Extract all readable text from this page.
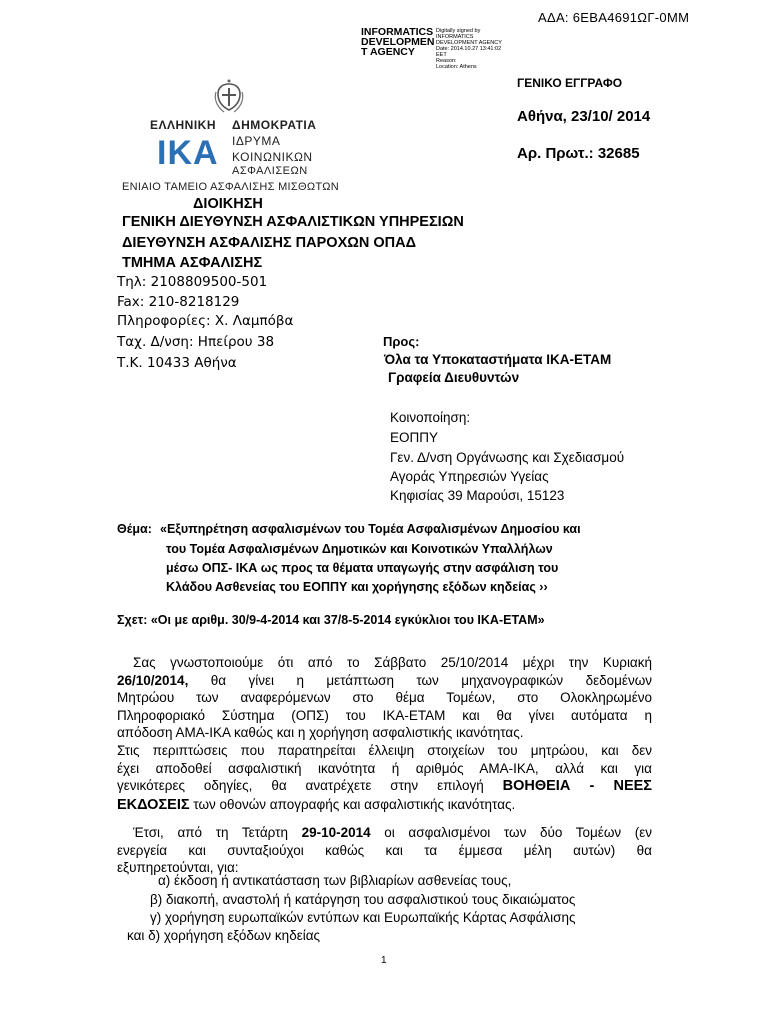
ΑΔΑ: 6ΕΒΑ4691ΩΓ-0ΜΜ
INFORMATICS
DEVELOPMEN
T AGENCY
Digitally signed by
INFORMATICS
DEVELOPMENT AGENCY
Date: 2014.10.27 13:41:02
EET
Reason:
Location: Athens
ΕΛΛΗΝΙΚΗ ΔΗΜΟΚΡΑΤΙΑ
ΙΔΡΥΜΑ
ΚΟΙΝΩΝΙΚΩΝ
ΑΣΦΑΛΙΣΕΩΝ
ΙΚΑ
ΕΝΙΑΙΟ ΤΑΜΕΙΟ ΑΣΦΑΛΙΣΗΣ ΜΙΣΘΩΤΩΝ
ΓΕΝΙΚΟ ΕΓΓΡΑΦΟ
Αθήνα, 23/10/ 2014
Αρ. Πρωτ.: 32685
ΔΙΟΙΚΗΣΗ
ΓΕΝΙΚΗ ΔΙΕΥΘΥΝΣΗ ΑΣΦΑΛΙΣΤΙΚΩΝ ΥΠΗΡΕΣΙΩΝ
ΔΙΕΥΘΥΝΣΗ ΑΣΦΑΛΙΣΗΣ ΠΑΡΟΧΩΝ ΟΠΑΔ
ΤΜΗΜΑ ΑΣΦΑΛΙΣΗΣ
Τηλ: 2108809500-501
Fax: 210-8218129
Πληροφορίες: Χ. Λαμπόβα
Ταχ. Δ/νση: Ηπείρου 38
Τ.Κ. 10433 Αθήνα
Προς:
Όλα τα Υποκαταστήματα ΙΚΑ-ΕΤΑΜ
Γραφεία Διευθυντών
Κοινοποίηση:
ΕΟΠΠΥ
Γεν. Δ/νση Οργάνωσης και Σχεδιασμού
Αγοράς Υπηρεσιών Υγείας
Κηφισίας 39 Μαρούσι, 15123
Θέμα: «Εξυπηρέτηση ασφαλισμένων του Τομέα Ασφαλισμένων Δημοσίου και
του Τομέα Ασφαλισμένων Δημοτικών και Κοινοτικών Υπαλλήλων
μέσω ΟΠΣ- ΙΚΑ ως προς τα θέματα υπαγωγής στην ασφάλιση του
Κλάδου Ασθενείας του ΕΟΠΠΥ και χορήγησης εξόδων κηδείας ››
Σχετ: «Οι με αριθμ. 30/9-4-2014 και 37/8-5-2014 εγκύκλιοι του ΙΚΑ-ΕΤΑΜ»
Σας γνωστοποιούμε ότι από το Σάββατο 25/10/2014 μέχρι την Κυριακή
26/10/2014, θα γίνει η μετάπτωση των μηχανογραφικών δεδομένων
Μητρώου των αναφερόμενων στο θέμα Τομέων, στο Ολοκληρωμένο
Πληροφοριακό Σύστημα (ΟΠΣ) του ΙΚΑ-ΕΤΑΜ και θα γίνει αυτόματα η
απόδοση ΑΜΑ-ΙΚΑ καθώς και η χορήγηση ασφαλιστικής ικανότητας.
Στις περιπτώσεις που παρατηρείται έλλειψη στοιχείων του μητρώου, και δεν
έχει αποδοθεί ασφαλιστική ικανότητα ή αριθμός ΑΜΑ-ΙΚΑ, αλλά και για
γενικότερες οδηγίες, θα ανατρέχετε στην επιλογή ΒΟΗΘΕΙΑ - ΝΕΕΣ
ΕΚΔΟΣΕΙΣ των οθονών απογραφής και ασφαλιστικής ικανότητας.
Έτσι, από τη Τετάρτη 29-10-2014 οι ασφαλισμένοι των δύο Τομέων (εν
ενεργεία και συνταξιούχοι καθώς και τα έμμεσα μέλη αυτών) θα
εξυπηρετούνται, για:
α) έκδοση ή αντικατάσταση των βιβλιαρίων ασθενείας τους,
β) διακοπή, αναστολή ή κατάργηση του ασφαλιστικού τους δικαιώματος
γ) χορήγηση ευρωπαϊκών εντύπων και Ευρωπαϊκής Κάρτας Ασφάλισης
και δ) χορήγηση εξόδων κηδείας
1
